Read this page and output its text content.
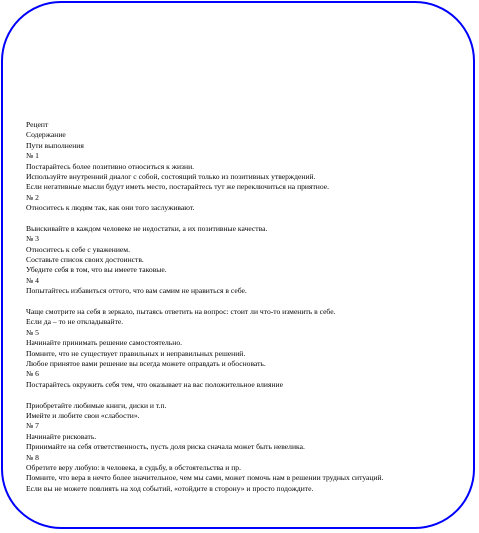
Рецепт
Содержание
Пути выполнения
№ 1
Постарайтесь более позитивно относиться к жизни.
Используйте внутренний диалог с собой, состоящий только из позитивных утверждений.
Если негативные мысли будут иметь место, постарайтесь тут же переключиться на приятное.
№ 2
Относитесь к людям так, как они того заслуживают.
Выискивайте в каждом человеке не недостатки, а их позитивные качества.
№ 3
Относитесь к себе с уважением.
Составьте список своих достоинств.
Убедите себя в том, что вы имеете таковые.
№ 4
Попытайтесь избавиться оттого, что вам самим не нравиться в себе.
Чаще смотрите на себя в зеркало, пытаясь ответить на вопрос: стоит ли что-то изменить в себе.
Если да – то не откладывайте.
№ 5
Начинайте принимать решение самостоятельно.
Помните, что не существует правильных и неправильных решений.
Любое принятое вами решение вы всегда можете оправдать и обосновать.
№ 6
Постарайтесь окружить себя тем, что оказывает на вас положительное влияние
Приобретайте любимые книги, диски и т.п.
Имейте и любите свои «слабости».
№ 7
Начинайте рисковать.
Принимайте на себя ответственность, пусть доля риска сначала может быть невелика.
№ 8
Обретите веру любую: в человека, в судьбу, в обстоятельства и пр.
Помните, что вера в нечто более значительное, чем мы сами, может помочь нам в решении трудных ситуаций.
Если вы не можете повлиять на ход событий, «отойдите в сторону» и просто подождите.
